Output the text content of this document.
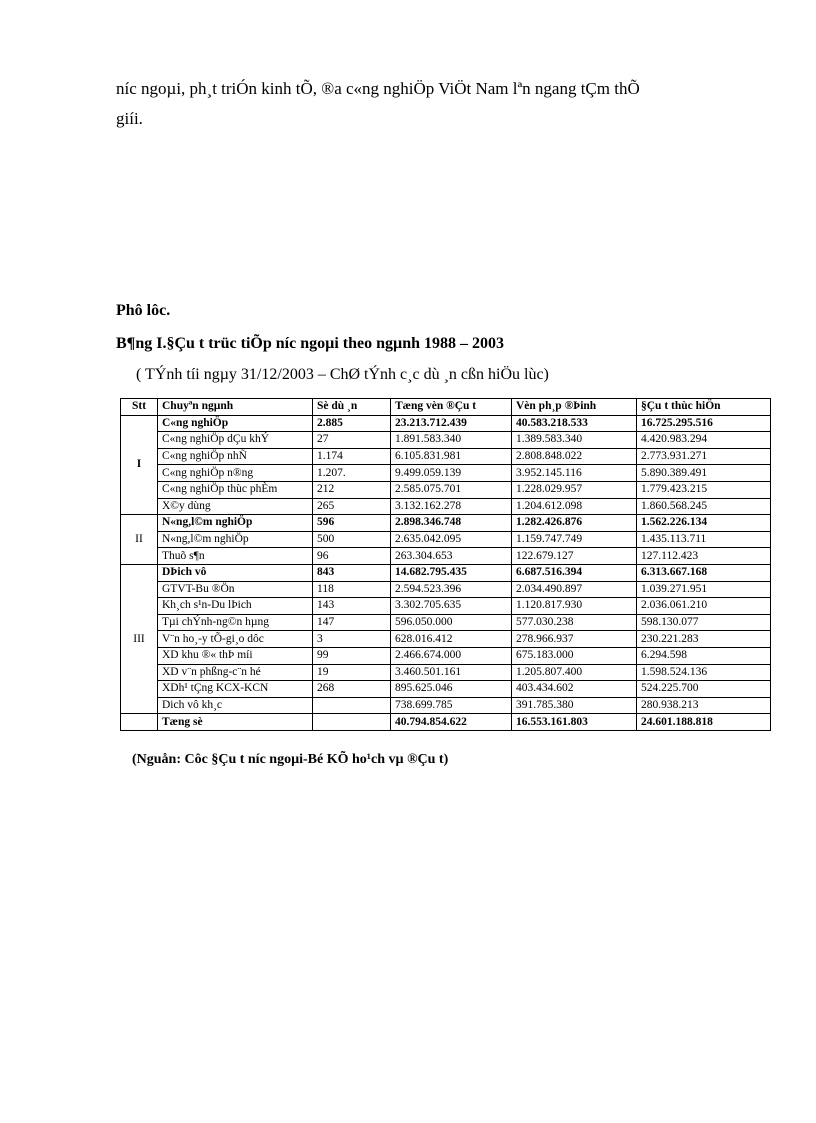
níc ngoµi, ph¸t triÓn kinh tÕ, ®a c«ng nghiÖp ViÖt Nam lªn ngang tÇm thÕ
giíi.
Phô lôc.
B¶ng I.§Çu t trüc tiÕp níc ngoµi theo ngµnh 1988 – 2003
( TÝnh tíi ngµy 31/12/2003 – ChØ tÝnh c¸c dù ¸n cßn hiÖu lùc)
Stt	Chuyªn ngµnh	Sè dù ¸n	Tæng vèn ®Çu t	Vèn ph¸p ®Þinh	§Çu t thùc hiÖn
I	C«ng nghiÖp	2.885	23.213.712.439	40.583.218.533	16.725.295.516
	C«ng nghiÖp dÇu khÝ	27	1.891.583.340	1.389.583.340	4.420.983.294
	C«ng nghiÖp nhÑ	1.174	6.105.831.981	2.808.848.022	2.773.931.271
	C«ng nghiÖp n®ng	1.207.	9.499.059.139	3.952.145.116	5.890.389.491
	C«ng nghiÖp thùc phÈm	212	2.585.075.701	1.228.029.957	1.779.423.215
	X©y dùng	265	3.132.162.278	1.204.612.098	1.860.568.245
II	N«ng,l©m nghiÖp	596	2.898.346.748	1.282.426.876	1.562.226.134
	N«ng,l©m nghiÖp	500	2.635.042.095	1.159.747.749	1.435.113.711
	Thuõ s¶n	96	263.304.653	122.679.127	127.112.423
III	DÞich vô	843	14.682.795.435	6.687.516.394	6.313.667.168
	GTVT-Bu ®Ön	118	2.594.523.396	2.034.490.897	1.039.271.951
	Kh¸ch s¹n-Du lÞich	143	3.302.705.635	1.120.817.930	2.036.061.210
	Tµi chÝnh-ng©n hµng	147	596.050.000	577.030.238	598.130.077
	V¨n ho¸-y tÕ-gi¸o dôc	3	628.016.412	278.966.937	230.221.283
	XD khu ®« thÞ míi	99	2.466.674.000	675.183.000	6.294.598
	XD v¨n phßng-c¨n hé	19	3.460.501.161	1.205.807.400	1.598.524.136
	XDh¹ tÇng KCX-KCN	268	895.625.046	403.434.602	524.225.700
	Dich vô kh¸c		738.699.785	391.785.380	280.938.213
	Tæng sè		40.794.854.622	16.553.161.803	24.601.188.818
(Nguån: Côc §Çu t níc ngoµi-Bé KÕ ho¹ch vµ ®Çu t)
